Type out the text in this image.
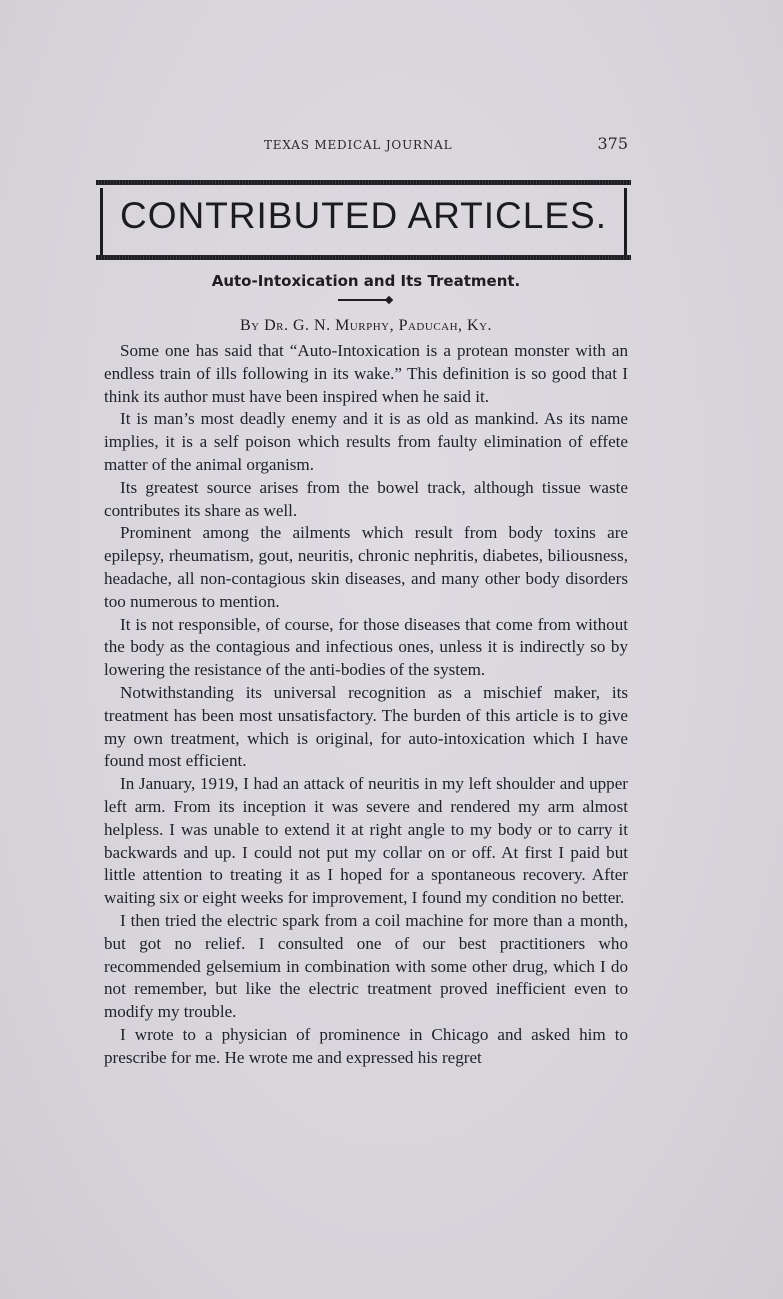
TEXAS MEDICAL JOURNAL	375
CONTRIBUTED ARTICLES.
Auto-Intoxication and Its Treatment.
By Dr. G. N. Murphy, Paducah, Ky.

Some one has said that “Auto-Intoxication is a protean monster with an endless train of ills following in its wake.” This definition is so good that I think its author must have been inspired when he said it.

It is man’s most deadly enemy and it is as old as mankind. As its name implies, it is a self poison which results from faulty elimination of effete matter of the animal organism.

Its greatest source arises from the bowel track, although tissue waste contributes its share as well.

Prominent among the ailments which result from body toxins are epilepsy, rheumatism, gout, neuritis, chronic nephritis, diabetes, biliousness, headache, all non-contagious skin diseases, and many other body disorders too numerous to mention.

It is not responsible, of course, for those diseases that come from without the body as the contagious and infectious ones, unless it is indirectly so by lowering the resistance of the anti-bodies of the system.

Notwithstanding its universal recognition as a mischief maker, its treatment has been most unsatisfactory. The burden of this article is to give my own treatment, which is original, for auto-intoxication which I have found most efficient.

In January, 1919, I had an attack of neuritis in my left shoulder and upper left arm. From its inception it was severe and rendered my arm almost helpless. I was unable to extend it at right angle to my body or to carry it backwards and up. I could not put my collar on or off. At first I paid but little attention to treating it as I hoped for a spontaneous recovery. After waiting six or eight weeks for improvement, I found my condition no better.

I then tried the electric spark from a coil machine for more than a month, but got no relief. I consulted one of our best practitioners who recommended gelsemium in combination with some other drug, which I do not remember, but like the electric treatment proved inefficient even to modify my trouble.

I wrote to a physician of prominence in Chicago and asked him to prescribe for me. He wrote me and expressed his regret
